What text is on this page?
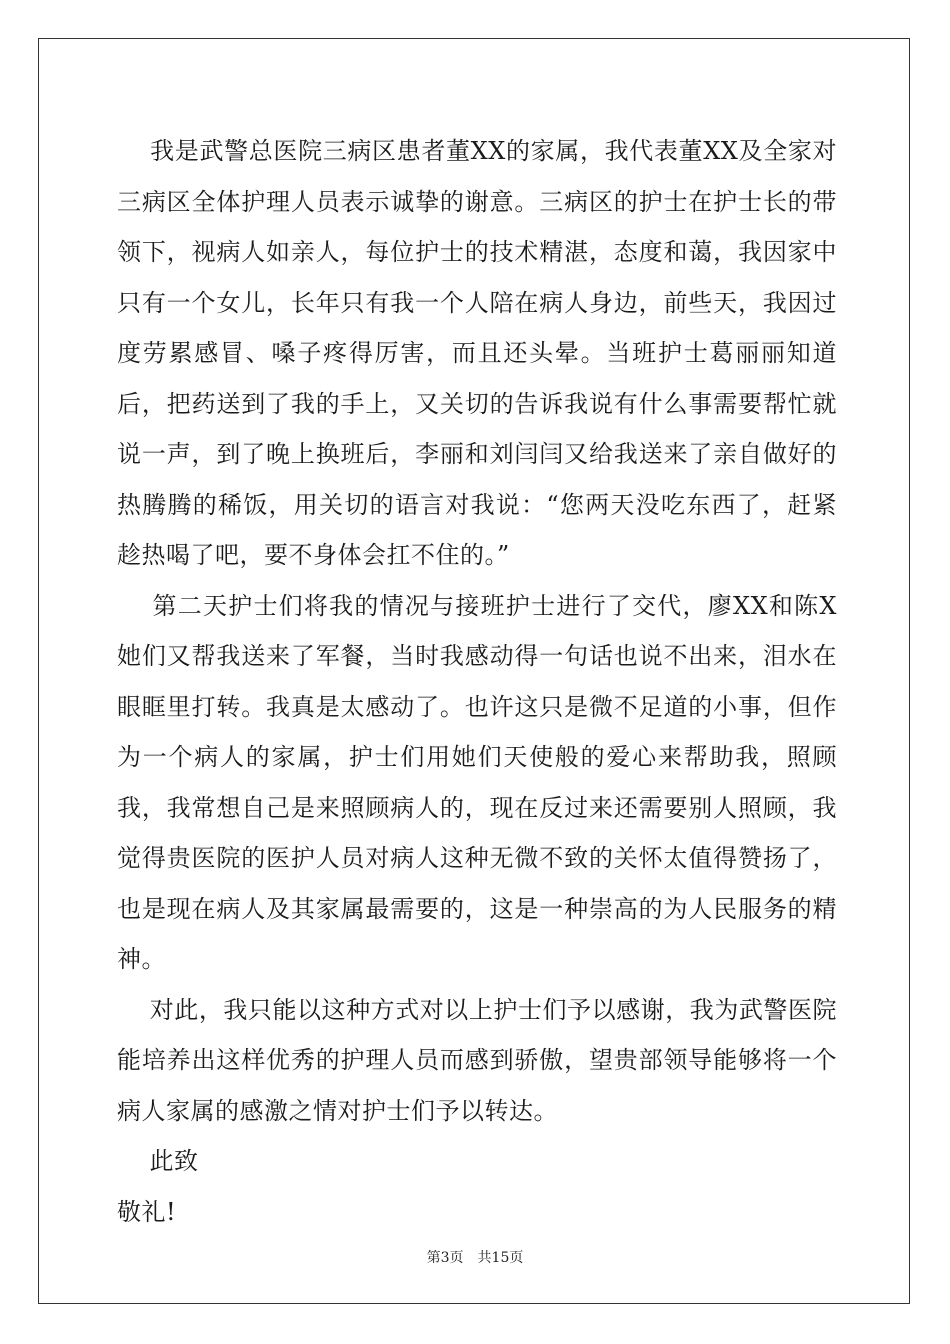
我是武警总医院三病区患者董XX的家属，我代表董XX及全家对三病区全体护理人员表示诚挚的谢意。三病区的护士在护士长的带领下，视病人如亲人，每位护士的技术精湛，态度和蔼，我因家中只有一个女儿，长年只有我一个人陪在病人身边，前些天，我因过度劳累感冒、嗓子疼得厉害，而且还头晕。当班护士葛丽丽知道后，把药送到了我的手上，又关切的告诉我说有什么事需要帮忙就说一声，到了晚上换班后，李丽和刘闫闫又给我送来了亲自做好的热腾腾的稀饭，用关切的语言对我说：“您两天没吃东西了，赶紧趁热喝了吧，要不身体会扛不住的。”

第二天护士们将我的情况与接班护士进行了交代，廖XX和陈X她们又帮我送来了军餐，当时我感动得一句话也说不出来，泪水在眼眶里打转。我真是太感动了。也许这只是微不足道的小事，但作为一个病人的家属，护士们用她们天使般的爱心来帮助我，照顾我，我常想自己是来照顾病人的，现在反过来还需要别人照顾，我觉得贵医院的医护人员对病人这种无微不致的关怀太值得赞扬了，也是现在病人及其家属最需要的，这是一种崇高的为人民服务的精神。

对此，我只能以这种方式对以上护士们予以感谢，我为武警医院能培养出这样优秀的护理人员而感到骄傲，望贵部领导能够将一个病人家属的感激之情对护士们予以转达。

此致

敬礼!

第3页 共15页
